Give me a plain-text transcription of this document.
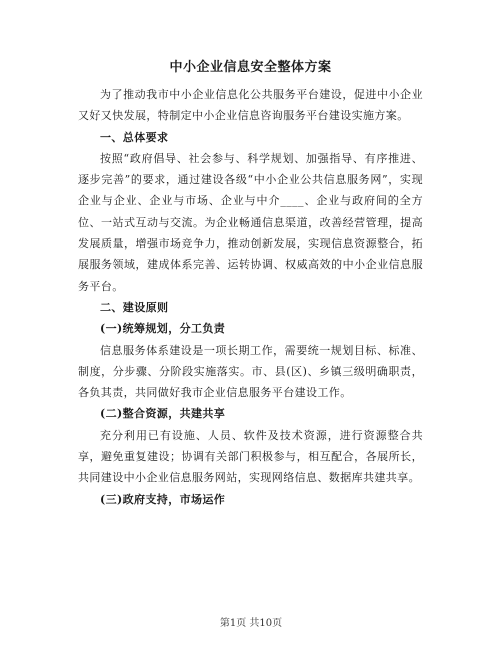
中小企业信息安全整体方案

为了推动我市中小企业信息化公共服务平台建设，促进中小企业又好又快发展，特制定中小企业信息咨询服务平台建设实施方案。

一、总体要求

按照“政府倡导、社会参与、科学规划、加强指导、有序推进、逐步完善”的要求，通过建设各级“中小企业公共信息服务网”，实现企业与企业、企业与市场、企业与中介____、企业与政府间的全方位、一站式互动与交流。为企业畅通信息渠道，改善经营管理，提高发展质量，增强市场竞争力，推动创新发展，实现信息资源整合，拓展服务领域，建成体系完善、运转协调、权威高效的中小企业信息服务平台。

二、建设原则
(一)统筹规划，分工负责

信息服务体系建设是一项长期工作，需要统一规划目标、标准、制度，分步骤、分阶段实施落实。市、县(区)、乡镇三级明确职责，各负其责，共同做好我市企业信息服务平台建设工作。

(二)整合资源，共建共享

充分利用已有设施、人员、软件及技术资源，进行资源整合共享，避免重复建设；协调有关部门积极参与，相互配合，各展所长，共同建设中小企业信息服务网站，实现网络信息、数据库共建共享。

(三)政府支持，市场运作
第1页 共10页
